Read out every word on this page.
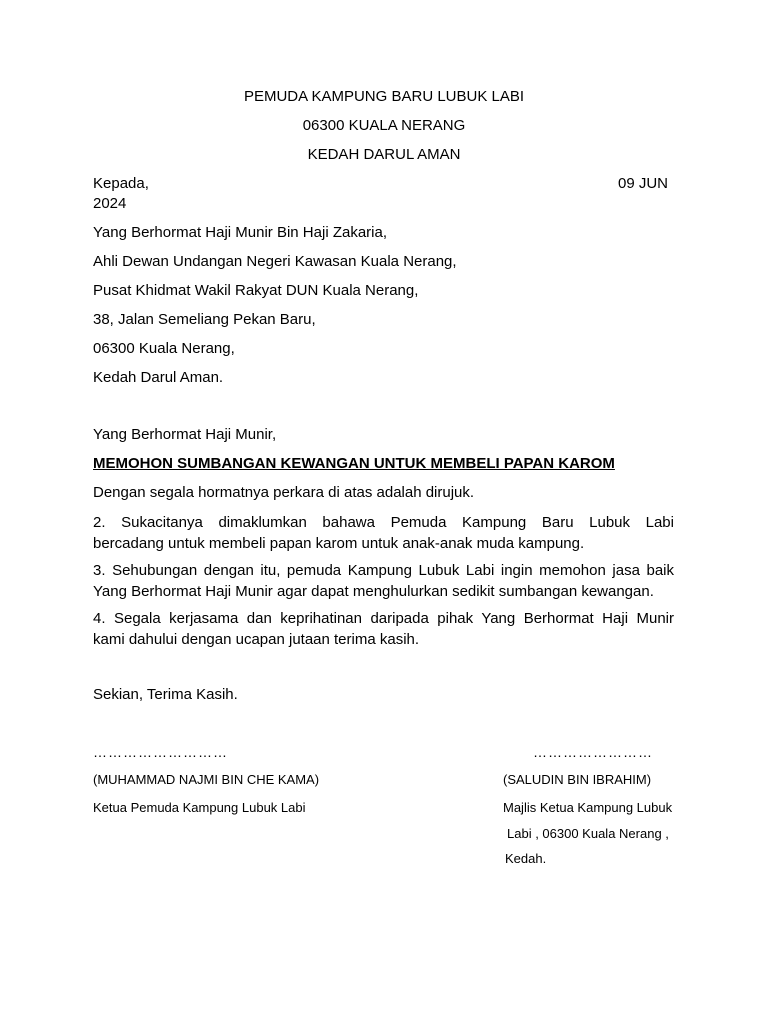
PEMUDA KAMPUNG BARU LUBUK LABI
06300 KUALA NERANG
KEDAH DARUL AMAN
Kepada,	09 JUN
2024
Yang Berhormat Haji Munir Bin Haji Zakaria,
Ahli Dewan Undangan Negeri Kawasan Kuala Nerang,
Pusat Khidmat Wakil Rakyat DUN Kuala Nerang,
38, Jalan Semeliang Pekan Baru,
06300 Kuala Nerang,
Kedah Darul Aman.
Yang Berhormat Haji Munir,
MEMOHON SUMBANGAN KEWANGAN UNTUK MEMBELI PAPAN KAROM
Dengan segala hormatnya perkara di atas adalah dirujuk.
2. Sukacitanya dimaklumkan bahawa Pemuda Kampung Baru Lubuk Labi
bercadang untuk membeli papan karom untuk anak-anak muda kampung.
3. Sehubungan dengan itu, pemuda Kampung Lubuk Labi ingin memohon jasa baik
Yang Berhormat Haji Munir agar dapat menghulurkan sedikit sumbangan kewangan.
4. Segala kerjasama dan keprihatinan daripada pihak Yang Berhormat Haji Munir
kami dahului dengan ucapan jutaan terima kasih.
Sekian, Terima Kasih.
………………………	……………………
(MUHAMMAD NAJMI BIN CHE KAMA)
Ketua Pemuda Kampung Lubuk Labi
(SALUDIN BIN IBRAHIM)
Majlis Ketua Kampung Lubuk
Labi , 06300 Kuala Nerang ,
Kedah.
